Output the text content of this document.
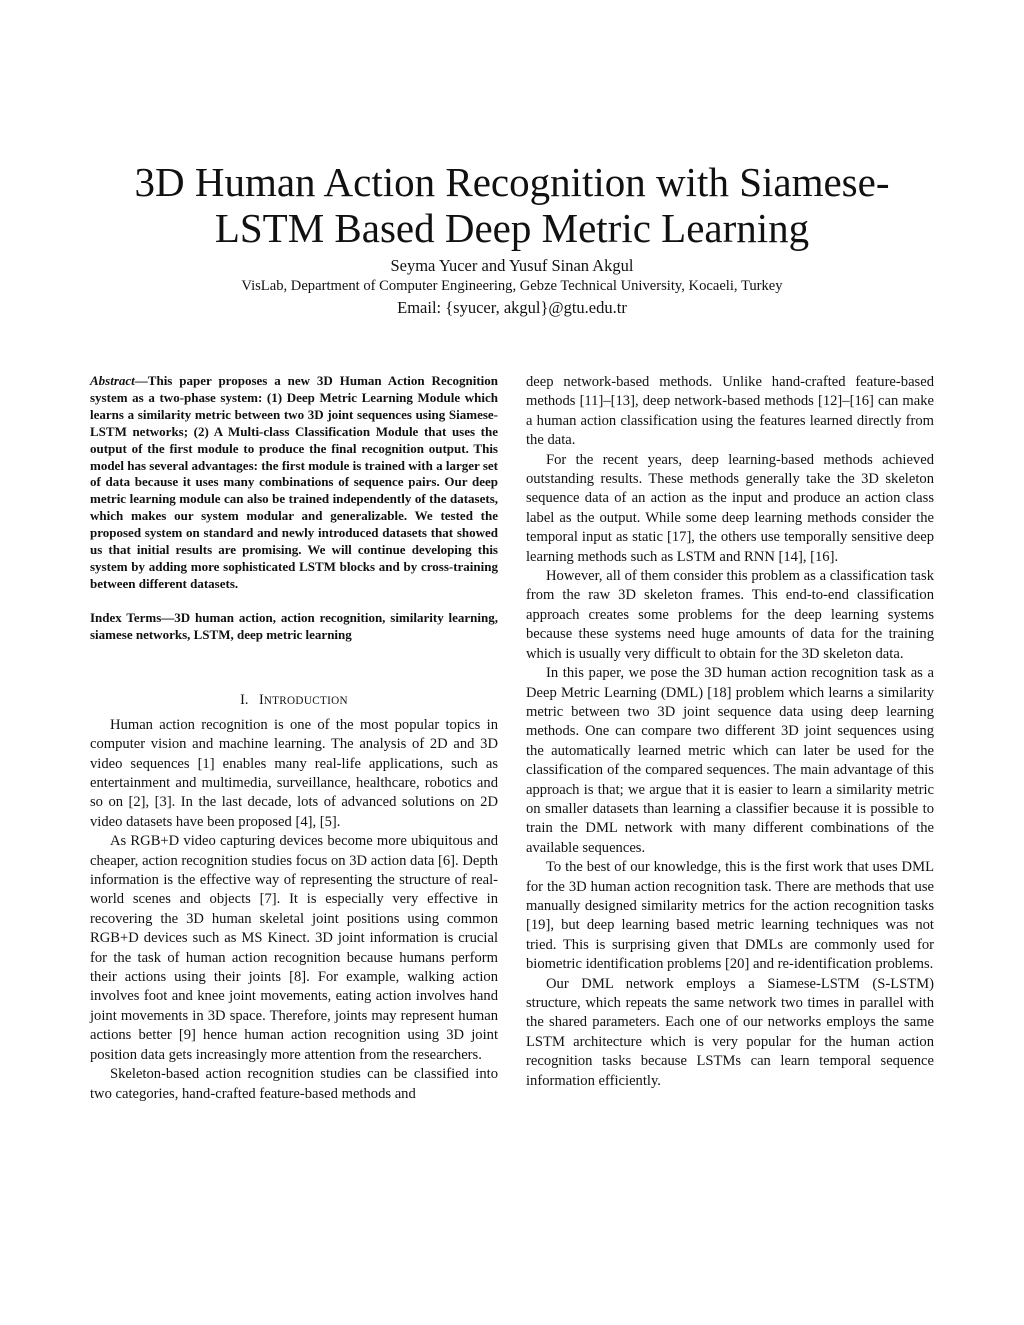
3D Human Action Recognition with Siamese-
LSTM Based Deep Metric Learning
Seyma Yucer and Yusuf Sinan Akgul
VisLab, Department of Computer Engineering, Gebze Technical University, Kocaeli, Turkey
Email: {syucer, akgul}@gtu.edu.tr

Abstract—This paper proposes a new 3D Human Action Recognition system as a two-phase system: (1) Deep Metric Learning Module which learns a similarity metric between two 3D joint sequences using Siamese-LSTM networks; (2) A Multi-class Classification Module that uses the output of the first module to produce the final recognition output. This model has several advantages: the first module is trained with a larger set of data because it uses many combinations of sequence pairs. Our deep metric learning module can also be trained independently of the datasets, which makes our system modular and generalizable. We tested the proposed system on standard and newly introduced datasets that showed us that initial results are promising. We will continue developing this system by adding more sophisticated LSTM blocks and by cross-training between different datasets.

Index Terms—3D human action, action recognition, similarity learning, siamese networks, LSTM, deep metric learning

I. INTRODUCTION

Human action recognition is one of the most popular topics in computer vision and machine learning. The analysis of 2D and 3D video sequences [1] enables many real-life applications, such as entertainment and multimedia, surveillance, healthcare, robotics and so on [2], [3]. In the last decade, lots of advanced solutions on 2D video datasets have been proposed [4], [5].

As RGB+D video capturing devices become more ubiquitous and cheaper, action recognition studies focus on 3D action data [6]. Depth information is the effective way of representing the structure of real-world scenes and objects [7]. It is especially very effective in recovering the 3D human skeletal joint positions using common RGB+D devices such as MS Kinect. 3D joint information is crucial for the task of human action recognition because humans perform their actions using their joints [8]. For example, walking action involves foot and knee joint movements, eating action involves hand joint movements in 3D space. Therefore, joints may represent human actions better [9] hence human action recognition using 3D joint position data gets increasingly more attention from the researchers.

Skeleton-based action recognition studies can be classified into two categories, hand-crafted feature-based methods and

deep network-based methods. Unlike hand-crafted feature-based methods [11]–[13], deep network-based methods [12]–[16] can make a human action classification using the features learned directly from the data.

For the recent years, deep learning-based methods achieved outstanding results. These methods generally take the 3D skeleton sequence data of an action as the input and produce an action class label as the output. While some deep learning methods consider the temporal input as static [17], the others use temporally sensitive deep learning methods such as LSTM and RNN [14], [16].

However, all of them consider this problem as a classification task from the raw 3D skeleton frames. This end-to-end classification approach creates some problems for the deep learning systems because these systems need huge amounts of data for the training which is usually very difficult to obtain for the 3D skeleton data.

In this paper, we pose the 3D human action recognition task as a Deep Metric Learning (DML) [18] problem which learns a similarity metric between two 3D joint sequence data using deep learning methods. One can compare two different 3D joint sequences using the automatically learned metric which can later be used for the classification of the compared sequences. The main advantage of this approach is that; we argue that it is easier to learn a similarity metric on smaller datasets than learning a classifier because it is possible to train the DML network with many different combinations of the available sequences.

To the best of our knowledge, this is the first work that uses DML for the 3D human action recognition task. There are methods that use manually designed similarity metrics for the action recognition tasks [19], but deep learning based metric learning techniques was not tried. This is surprising given that DMLs are commonly used for biometric identification problems [20] and re-identification problems.

Our DML network employs a Siamese-LSTM (S-LSTM) structure, which repeats the same network two times in parallel with the shared parameters. Each one of our networks employs the same LSTM architecture which is very popular for the human action recognition tasks because LSTMs can learn temporal sequence information efficiently.
